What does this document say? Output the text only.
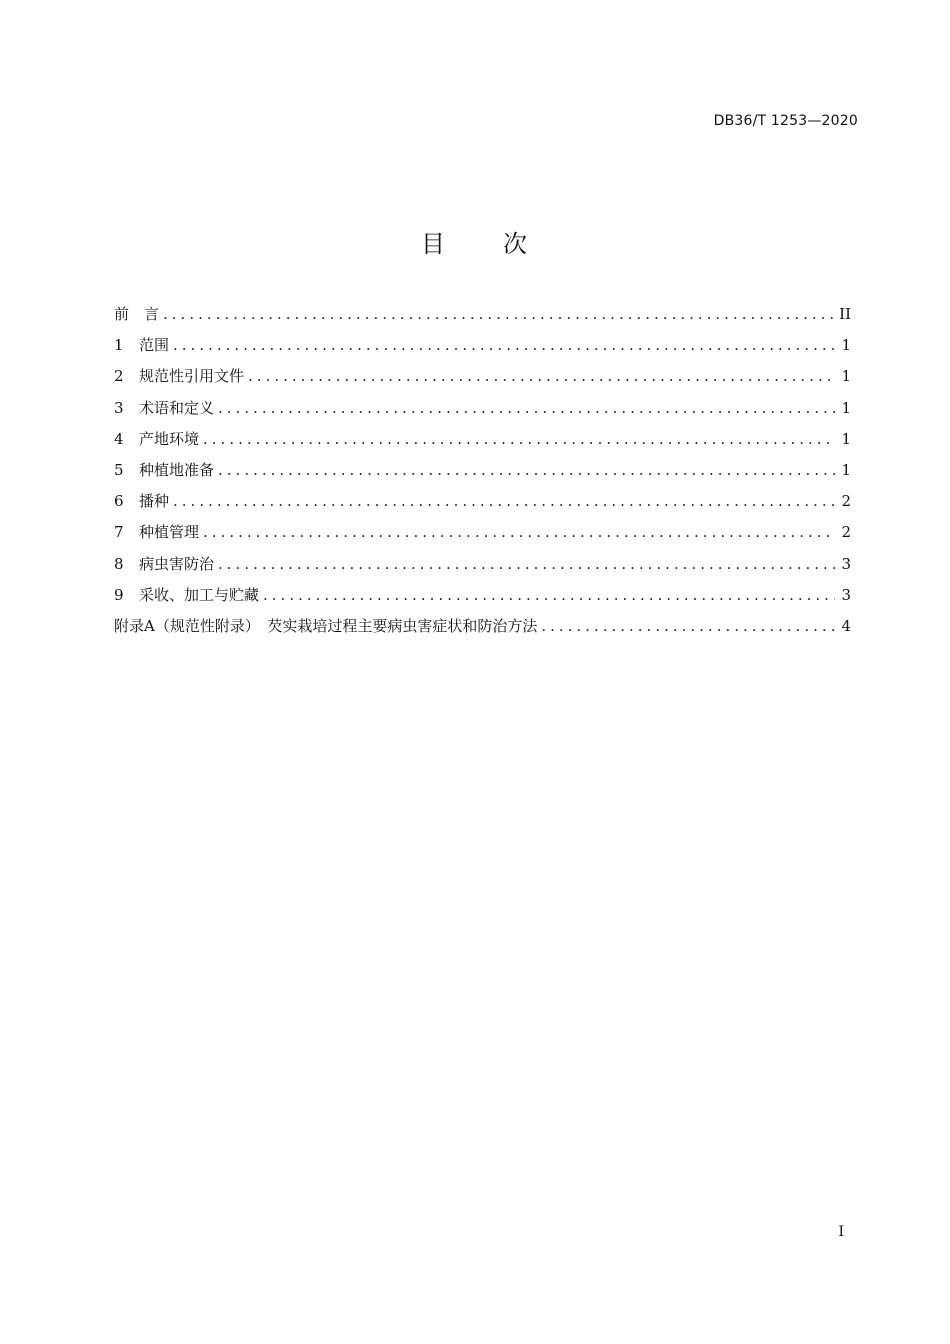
DB36/T 1253—2020
目 次
前　言 .....	II
1	范围 .....	1
2	规范性引用文件 .....	1
3	术语和定义 .....	1
4	产地环境 .....	1
5	种植地准备 .....	1
6	播种 .....	2
7	种植管理 .....	2
8	病虫害防治 .....	3
9	采收、加工与贮藏 .....	3
附录A（规范性附录）　芡实栽培过程主要病虫害症状和防治方法 .....	4
I
